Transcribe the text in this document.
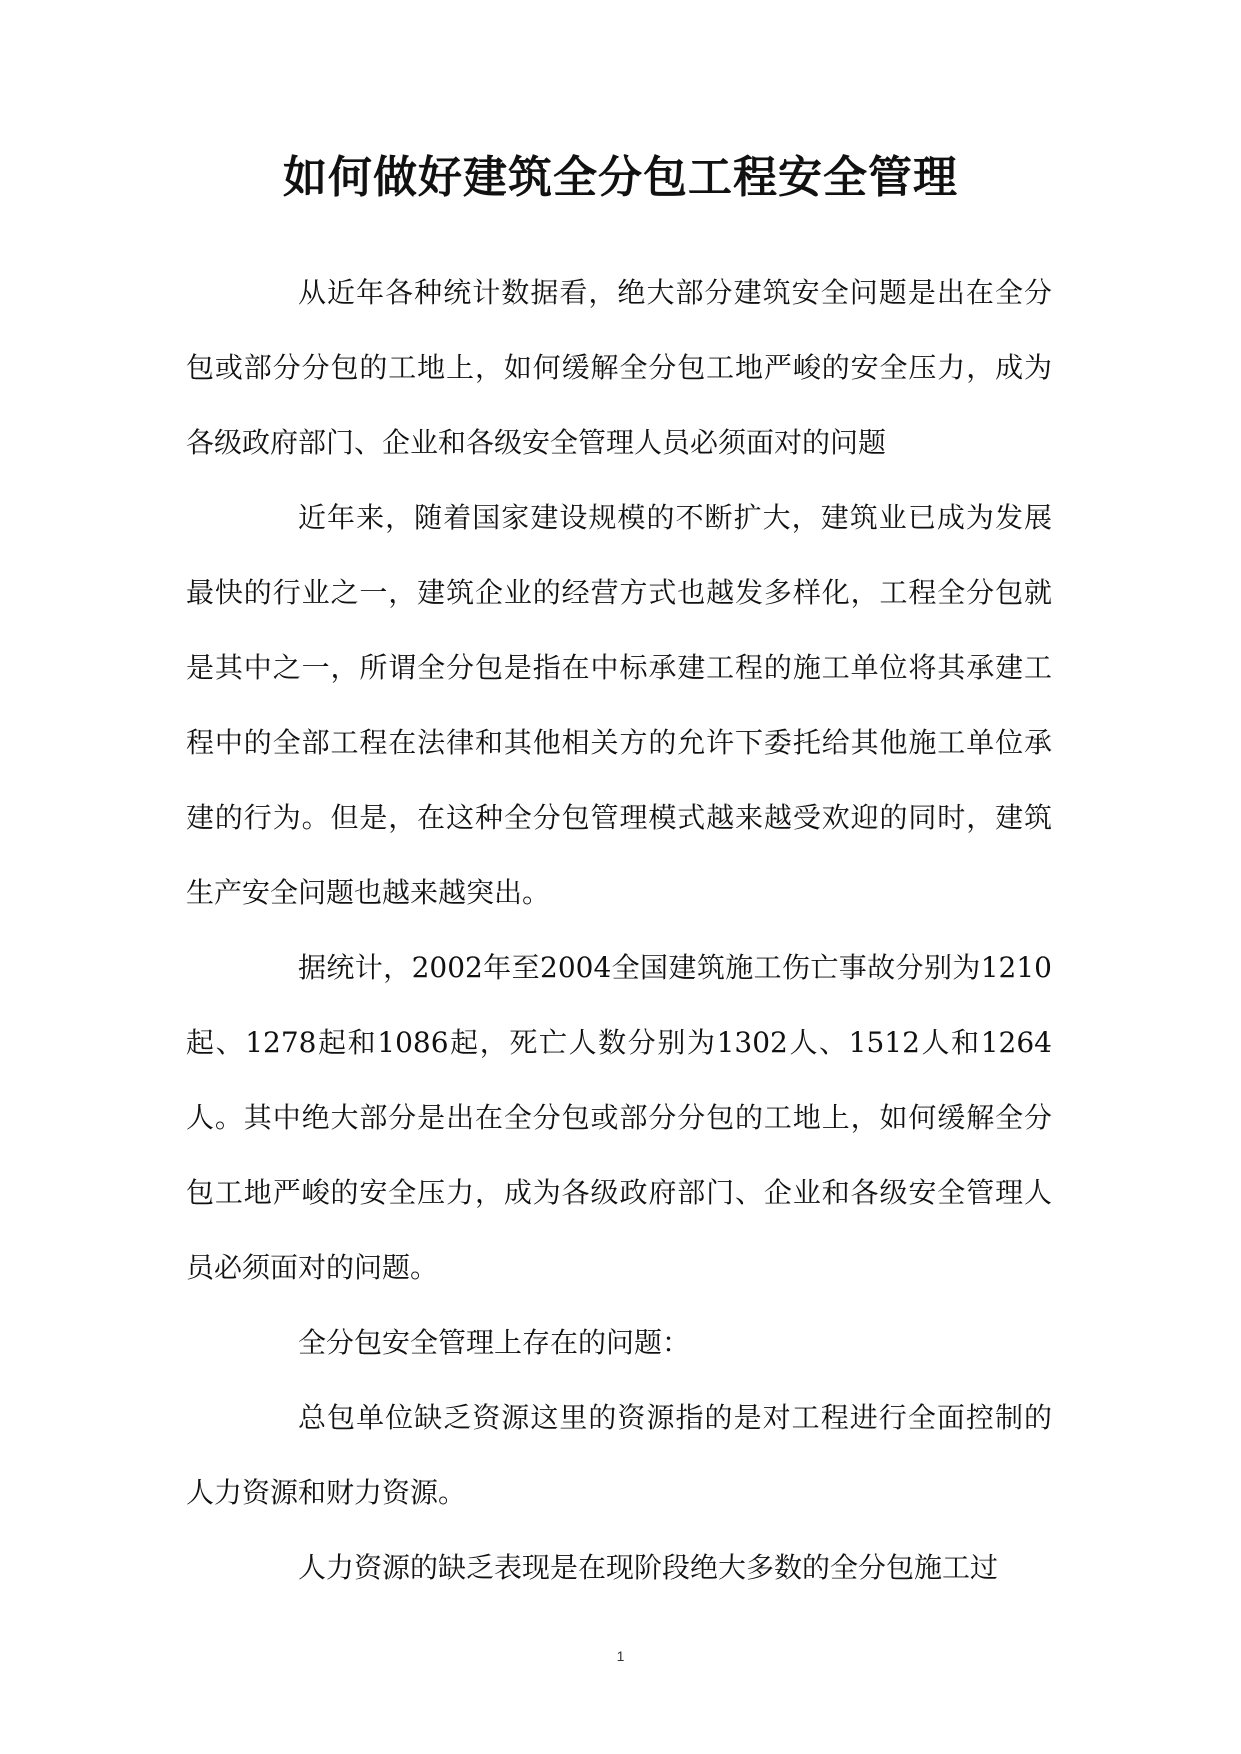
如何做好建筑全分包工程安全管理

从近年各种统计数据看，绝大部分建筑安全问题是出在全分包或部分分包的工地上，如何缓解全分包工地严峻的安全压力，成为各级政府部门、企业和各级安全管理人员必须面对的问题

近年来，随着国家建设规模的不断扩大，建筑业已成为发展最快的行业之一，建筑企业的经营方式也越发多样化，工程全分包就是其中之一，所谓全分包是指在中标承建工程的施工单位将其承建工程中的全部工程在法律和其他相关方的允许下委托给其他施工单位承建的行为。但是，在这种全分包管理模式越来越受欢迎的同时，建筑生产安全问题也越来越突出。

据统计，2002年至2004全国建筑施工伤亡事故分别为1210起、1278起和1086起，死亡人数分别为1302人、1512人和1264人。其中绝大部分是出在全分包或部分分包的工地上，如何缓解全分包工地严峻的安全压力，成为各级政府部门、企业和各级安全管理人员必须面对的问题。

全分包安全管理上存在的问题：

总包单位缺乏资源这里的资源指的是对工程进行全面控制的人力资源和财力资源。

人力资源的缺乏表现是在现阶段绝大多数的全分包施工过

1
